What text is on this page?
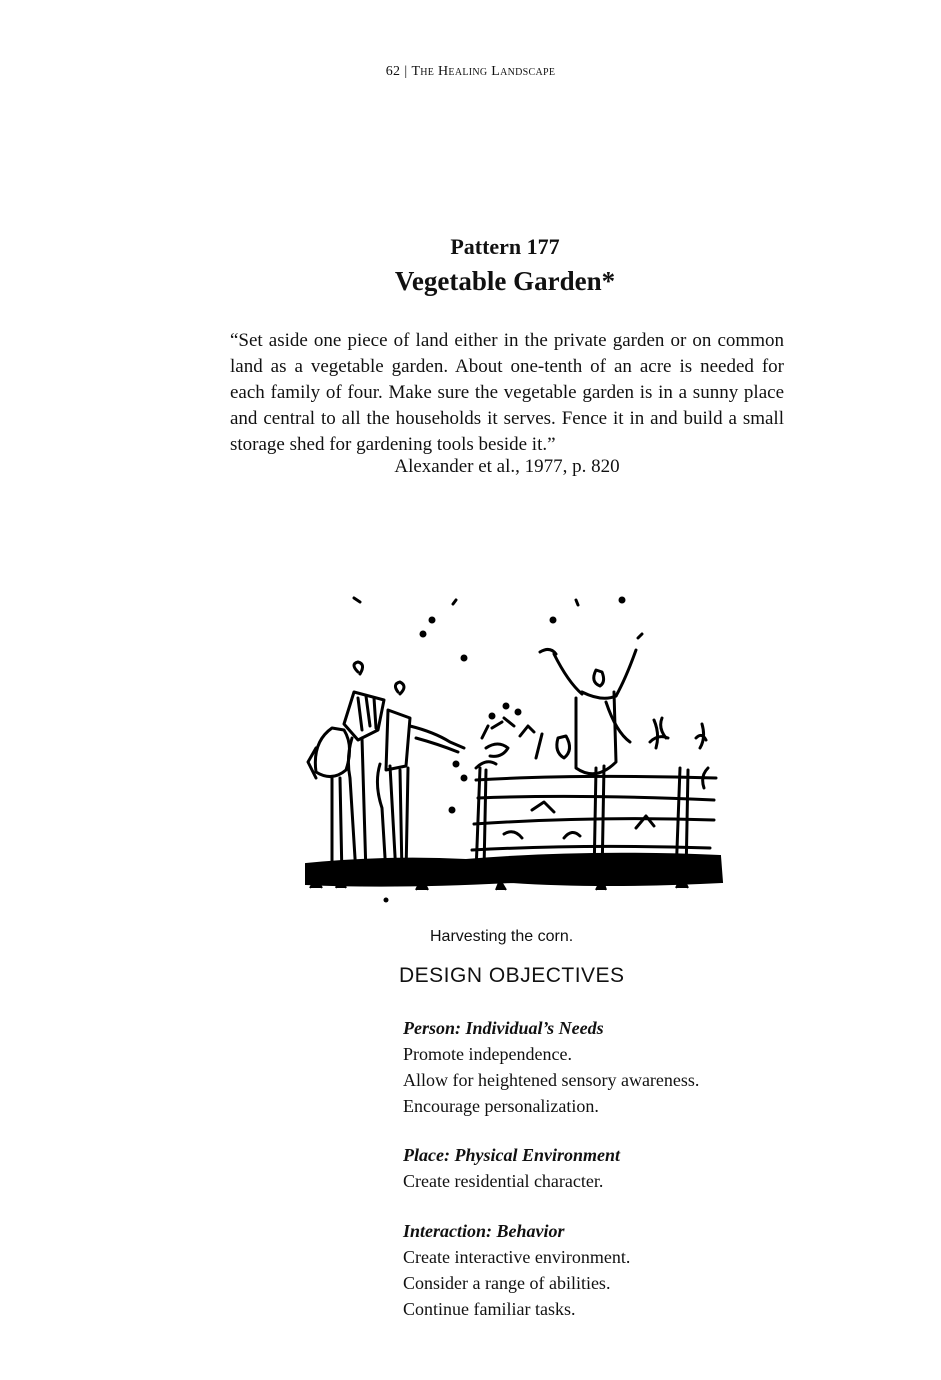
62 | The Healing Landscape
Pattern 177
Vegetable Garden*

“Set aside one piece of land either in the private garden or on common land as a vegetable garden. About one-tenth of an acre is needed for each family of four. Make sure the vegetable garden is in a sunny place and central to all the households it serves. Fence it in and build a small storage shed for gardening tools beside it.”

Alexander et al., 1977, p. 820

Harvesting the corn.
DESIGN OBJECTIVES
Person: Individual’s Needs
Promote independence.
Allow for heightened sensory awareness.
Encourage personalization.
Place: Physical Environment
Create residential character.
Interaction: Behavior
Create interactive environment.
Consider a range of abilities.
Continue familiar tasks.
